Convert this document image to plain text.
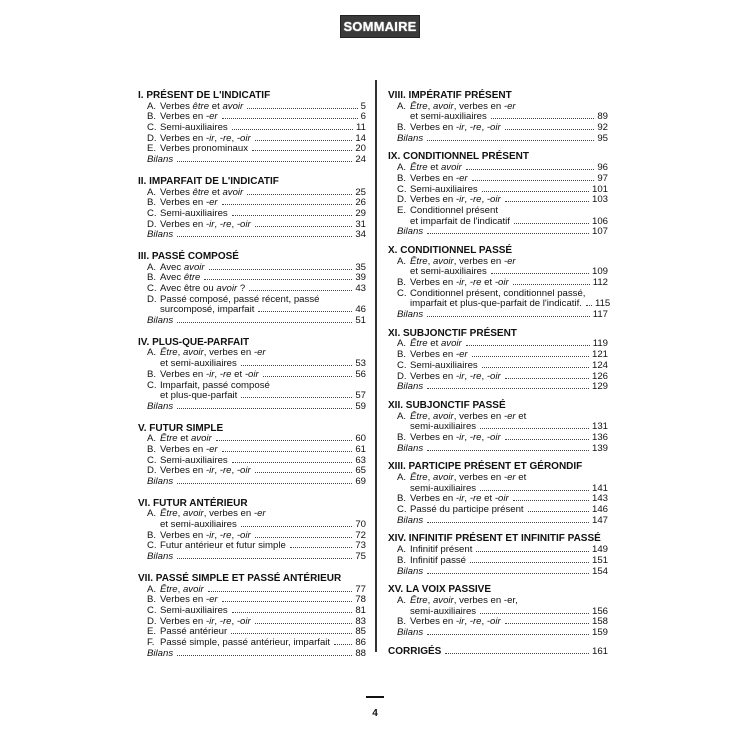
SOMMAIRE
I. PRÉSENT DE L'INDICATIF
A. Verbes être et avoir	5
B. Verbes en -er	6
C. Semi-auxiliaires	11
D. Verbes en -ir, -re, -oir	14
E. Verbes pronominaux	20
Bilans	24
II. IMPARFAIT DE L'INDICATIF
A. Verbes être et avoir	25
B. Verbes en -er	26
C. Semi-auxiliaires	29
D. Verbes en -ir, -re, -oir	31
Bilans	34
III. PASSÉ COMPOSÉ
A. Avec avoir	35
B. Avec être	39
C. Avec être ou avoir ?	43
D. Passé composé, passé récent, passé
surcomposé, imparfait	46
Bilans	51
IV. PLUS-QUE-PARFAIT
A. Être, avoir, verbes en -er
et semi-auxiliaires	53
B. Verbes en -ir, -re et -oir	56
C. Imparfait, passé composé
et plus-que-parfait	57
Bilans	59
V. FUTUR SIMPLE
A. Être et avoir	60
B. Verbes en -er	61
C. Semi-auxiliaires	63
D. Verbes en -ir, -re, -oir	65
Bilans	69
VI. FUTUR ANTÉRIEUR
A. Être, avoir, verbes en -er
et semi-auxiliaires	70
B. Verbes en -ir, -re, -oir	72
C. Futur antérieur et futur simple	73
Bilans	75
VII. PASSÉ SIMPLE ET PASSÉ ANTÉRIEUR
A. Être, avoir	77
B. Verbes en -er	78
C. Semi-auxiliaires	81
D. Verbes en -ir, -re, -oir	83
E. Passé antérieur	85
F. Passé simple, passé antérieur, imparfait	86
Bilans	88
VIII. IMPÉRATIF PRÉSENT
A. Être, avoir, verbes en -er
et semi-auxiliaires	89
B. Verbes en -ir, -re, -oir	92
Bilans	95
IX. CONDITIONNEL PRÉSENT
A. Être et avoir	96
B. Verbes en -er	97
C. Semi-auxiliaires	101
D. Verbes en -ir, -re, -oir	103
E. Conditionnel présent
et imparfait de l'indicatif	106
Bilans	107
X. CONDITIONNEL PASSÉ
A. Être, avoir, verbes en -er
et semi-auxiliaires	109
B. Verbes en -ir, -re et -oir	112
C. Conditionnel présent, conditionnel passé,
imparfait et plus-que-parfait de l'indicatif. 115
Bilans	117
XI. SUBJONCTIF PRÉSENT
A. Être et avoir	119
B. Verbes en -er	121
C. Semi-auxiliaires	124
D. Verbes en -ir, -re, -oir	126
Bilans	129
XII. SUBJONCTIF PASSÉ
A. Être, avoir, verbes en -er et
semi-auxiliaires	131
B. Verbes en -ir, -re, -oir	136
Bilans	139
XIII. PARTICIPE PRÉSENT ET GÉRONDIF
A. Être, avoir, verbes en -er et
semi-auxiliaires	141
B. Verbes en -ir, -re et -oir	143
C. Passé du participe présent	146
Bilans	147
XIV. INFINITIF PRÉSENT ET INFINITIF PASSÉ
A. Infinitif présent	149
B. Infinitif passé	151
Bilans	154
XV. LA VOIX PASSIVE
A. Être, avoir, verbes en -er,
semi-auxiliaires	156
B. Verbes en -ir, -re, -oir	158
Bilans	159
CORRIGÉS	161
4
